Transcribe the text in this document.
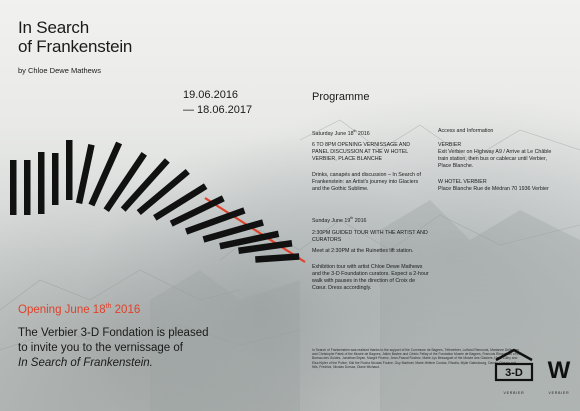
In Search
of Frankenstein
by Chloe Dewe Mathews
19.06.2016
— 18.06.2017
Programme
Saturday June 18th 2016
6 TO 8PM OPENING VERNISSAGE AND PANEL DISCUSSION AT THE W HOTEL VERBIER, PLACE BLANCHE
Drinks, canapés and discussion – In Search of Frankenstein: an Artist's journey into Glaciers and the Gothic Sublime.
Sunday June 19th 2016
2:30PM GUIDED TOUR WITH THE ARTIST AND CURATORS
Meet at 2:30PM at the Ruinettes lift station.
Exhibition tour with artist Chloe Dewe Mathews and the 3-D Foundation curators. Expect a 2-hour walk with pauses in the direction of Croix de Cœur. Dress accordingly.
Access and Information
VERBIER
Exit Verbier on Highway A9 / Arrive at Le Châble train station, then bus or cablecar until Verbier, Place Blanche.
W HOTEL VERBIER
Place Blanche Rue de Médran 70 1936 Verbier
Opening June 18th 2016
The Verbier 3-D Fondation is pleased
to invite you to the vernissage of
In Search of Frankenstein.
In Search of Frankenstein was realised thanks to the support of the Commune de Bagnes, Téléverbier, Lolfand Remonds, Marianne Delleman and Christophe Patek of the Musée de Bagnes, Julien Baviee and Cédric Fellay of the Fondation Musée de Bagnes, Francois Rinaudeau of the Bureau des Guides, Jonathan Bryan, Margrit Pruenz, Jean-Pascal Rochez, Marie-Lys Bessaguet of the Musée des Glaciers, Heidi Lüthy and Elsa Kipfer of the Police, Kiki the Rocha Nicolas Fouine, Guy Martinet, Marie-Hélène Coutaz, Rhodia, Mylie Gainsbourg, Dandy, Oceam and Nils, Fredrick, Nicolas Dorsaz, Diane Michaud.
3-D
VERBIER
W
VERBIER
